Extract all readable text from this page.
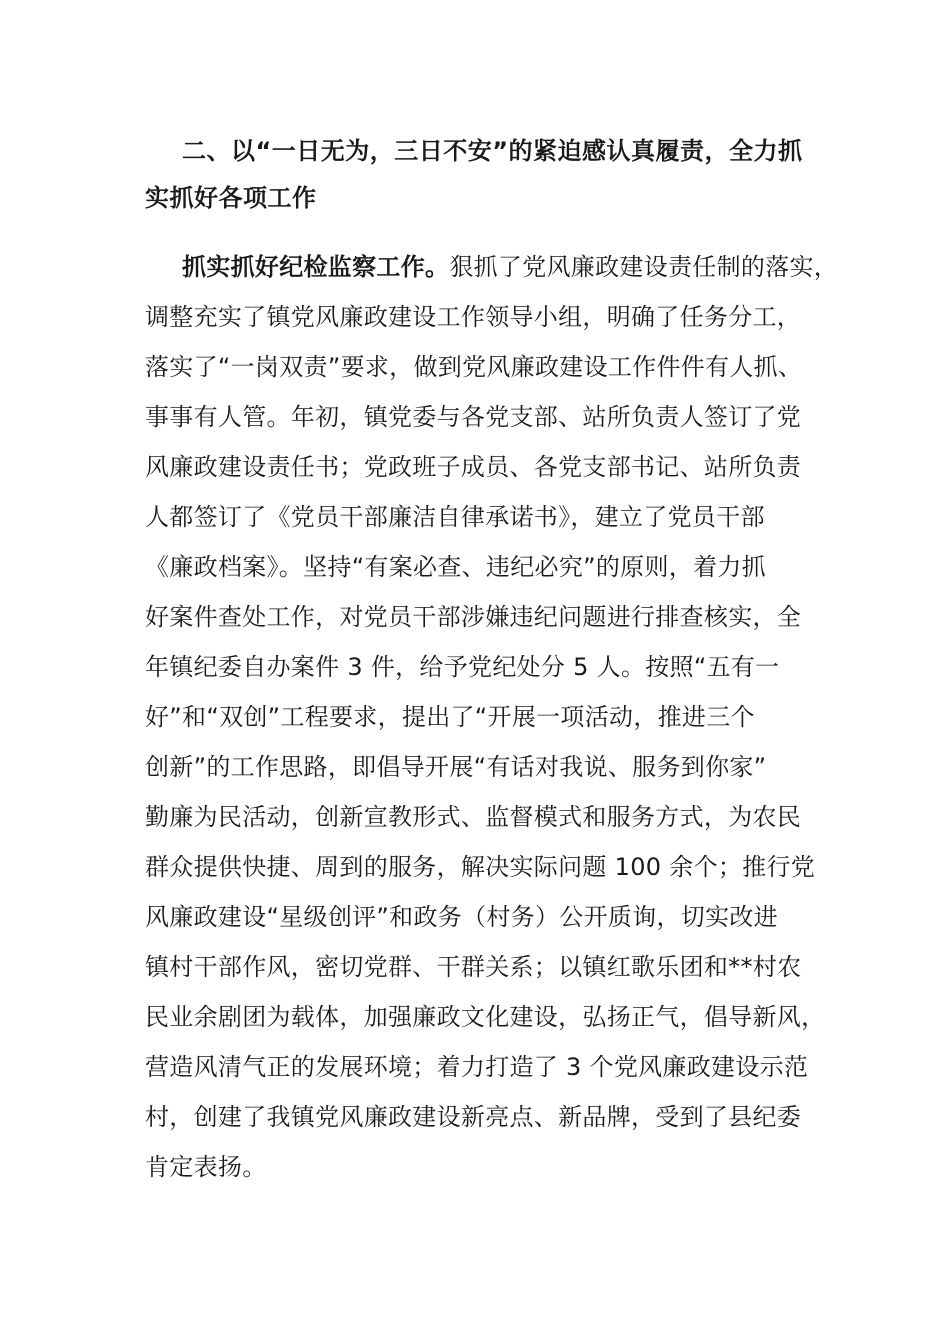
二、以“一日无为，三日不安”的紧迫感认真履责，全力抓
实抓好各项工作
抓实抓好纪检监察工作。狠抓了党风廉政建设责任制的落实，
调整充实了镇党风廉政建设工作领导小组，明确了任务分工，
落实了“一岗双责”要求，做到党风廉政建设工作件件有人抓、
事事有人管。年初，镇党委与各党支部、站所负责人签订了党
风廉政建设责任书；党政班子成员、各党支部书记、站所负责
人都签订了《党员干部廉洁自律承诺书》，建立了党员干部
《廉政档案》。坚持“有案必查、违纪必究”的原则，着力抓
好案件查处工作，对党员干部涉嫌违纪问题进行排查核实，全
年镇纪委自办案件 3 件，给予党纪处分 5 人。按照“五有一
好”和“双创”工程要求，提出了“开展一项活动，推进三个
创新”的工作思路，即倡导开展“有话对我说、服务到你家”
勤廉为民活动，创新宣教形式、监督模式和服务方式，为农民
群众提供快捷、周到的服务，解决实际问题 100 余个；推行党
风廉政建设“星级创评”和政务（村务）公开质询，切实改进
镇村干部作风，密切党群、干群关系；以镇红歌乐团和**村农
民业余剧团为载体，加强廉政文化建设，弘扬正气，倡导新风，
营造风清气正的发展环境；着力打造了 3 个党风廉政建设示范
村，创建了我镇党风廉政建设新亮点、新品牌，受到了县纪委
肯定表扬。
